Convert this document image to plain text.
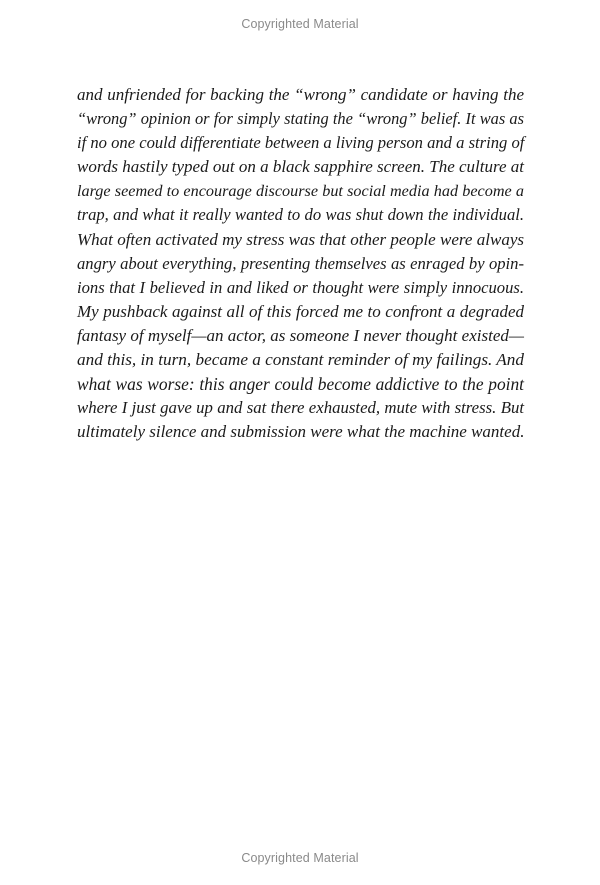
Copyrighted Material
and unfriended for backing the “wrong” candidate or having the
“wrong” opinion or for simply stating the “wrong” belief. It was as
if no one could differentiate between a living person and a string of
words hastily typed out on a black sapphire screen. The culture at
large seemed to encourage discourse but social media had become a
trap, and what it really wanted to do was shut down the individual.
What often activated my stress was that other people were always
angry about everything, presenting themselves as enraged by opin-
ions that I believed in and liked or thought were simply innocuous.
My pushback against all of this forced me to confront a degraded
fantasy of myself—an actor, as someone I never thought existed—
and this, in turn, became a constant reminder of my failings. And
what was worse: this anger could become addictive to the point
where I just gave up and sat there exhausted, mute with stress. But
ultimately silence and submission were what the machine wanted.
Copyrighted Material
